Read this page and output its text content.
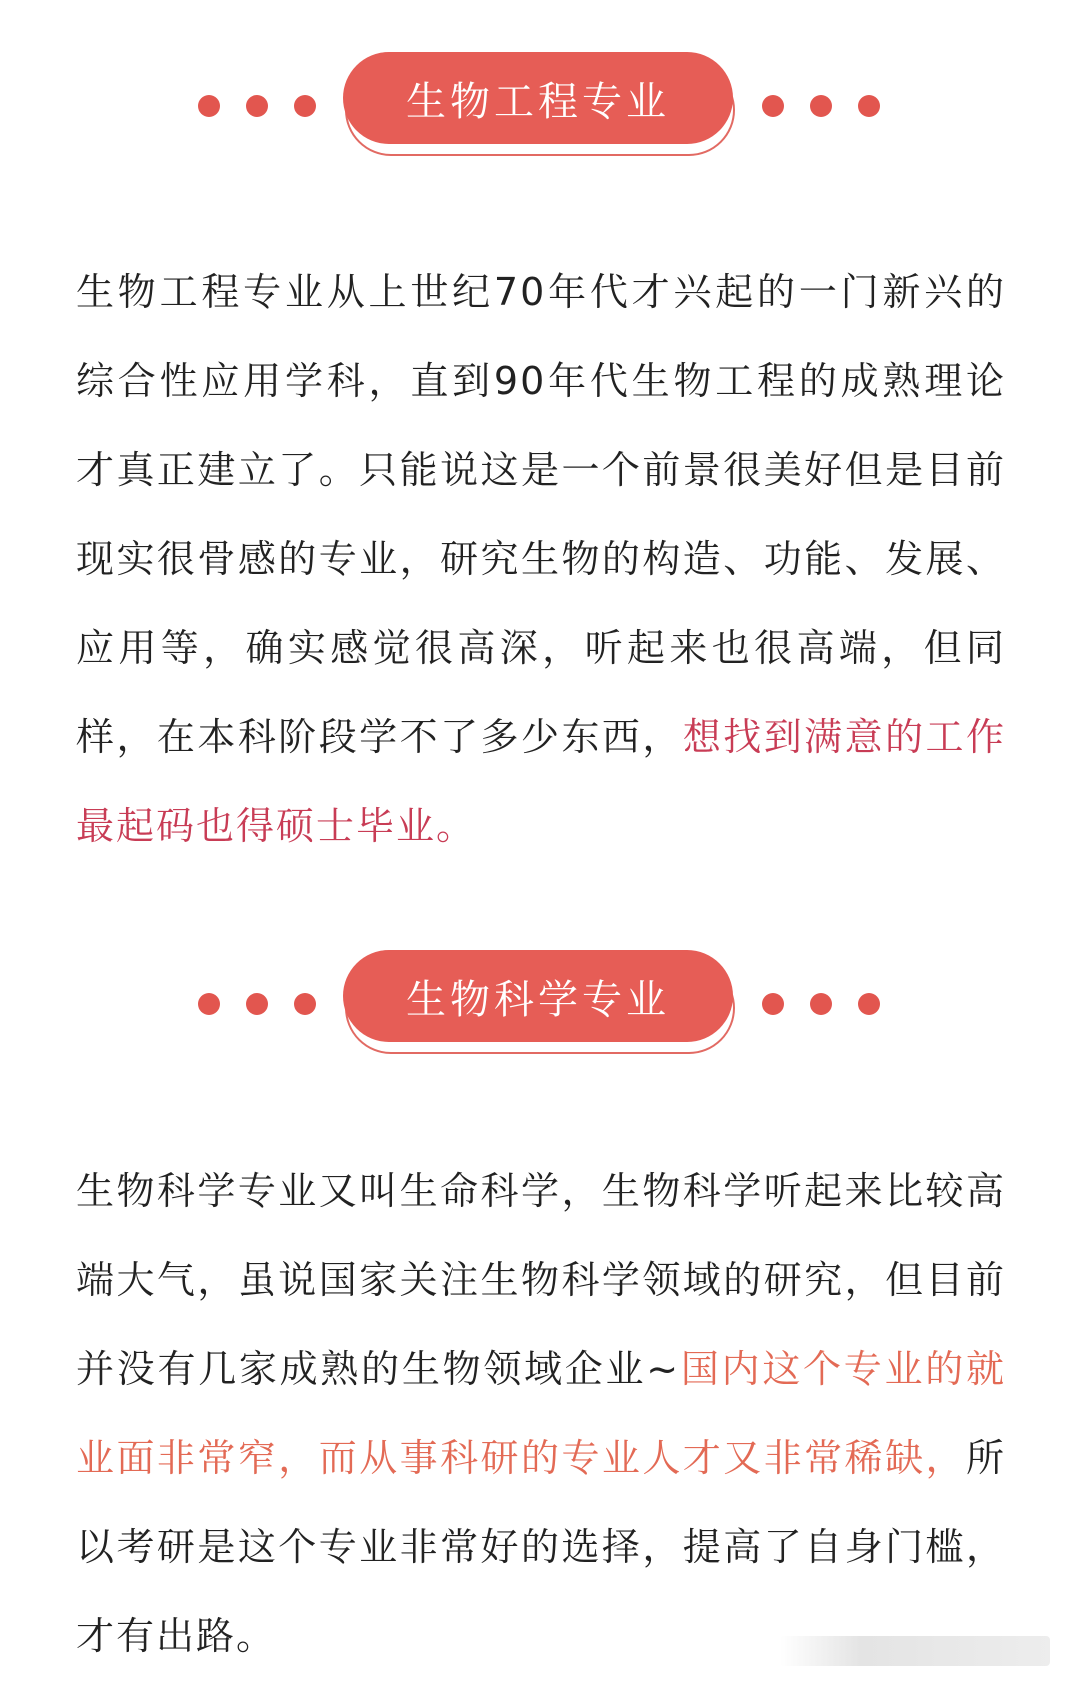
生物工程专业
生物工程专业从上世纪70年代才兴起的一门新兴的综合性应用学科，直到90年代生物工程的成熟理论才真正建立了。只能说这是一个前景很美好但是目前现实很骨感的专业，研究生物的构造、功能、发展、应用等，确实感觉很高深，听起来也很高端，但同样，在本科阶段学不了多少东西，想找到满意的工作最起码也得硕士毕业。
生物科学专业
生物科学专业又叫生命科学，生物科学听起来比较高端大气，虽说国家关注生物科学领域的研究，但目前并没有几家成熟的生物领域企业~国内这个专业的就业面非常窄，而从事科研的专业人才又非常稀缺，所以考研是这个专业非常好的选择，提高了自身门槛，才有出路。
